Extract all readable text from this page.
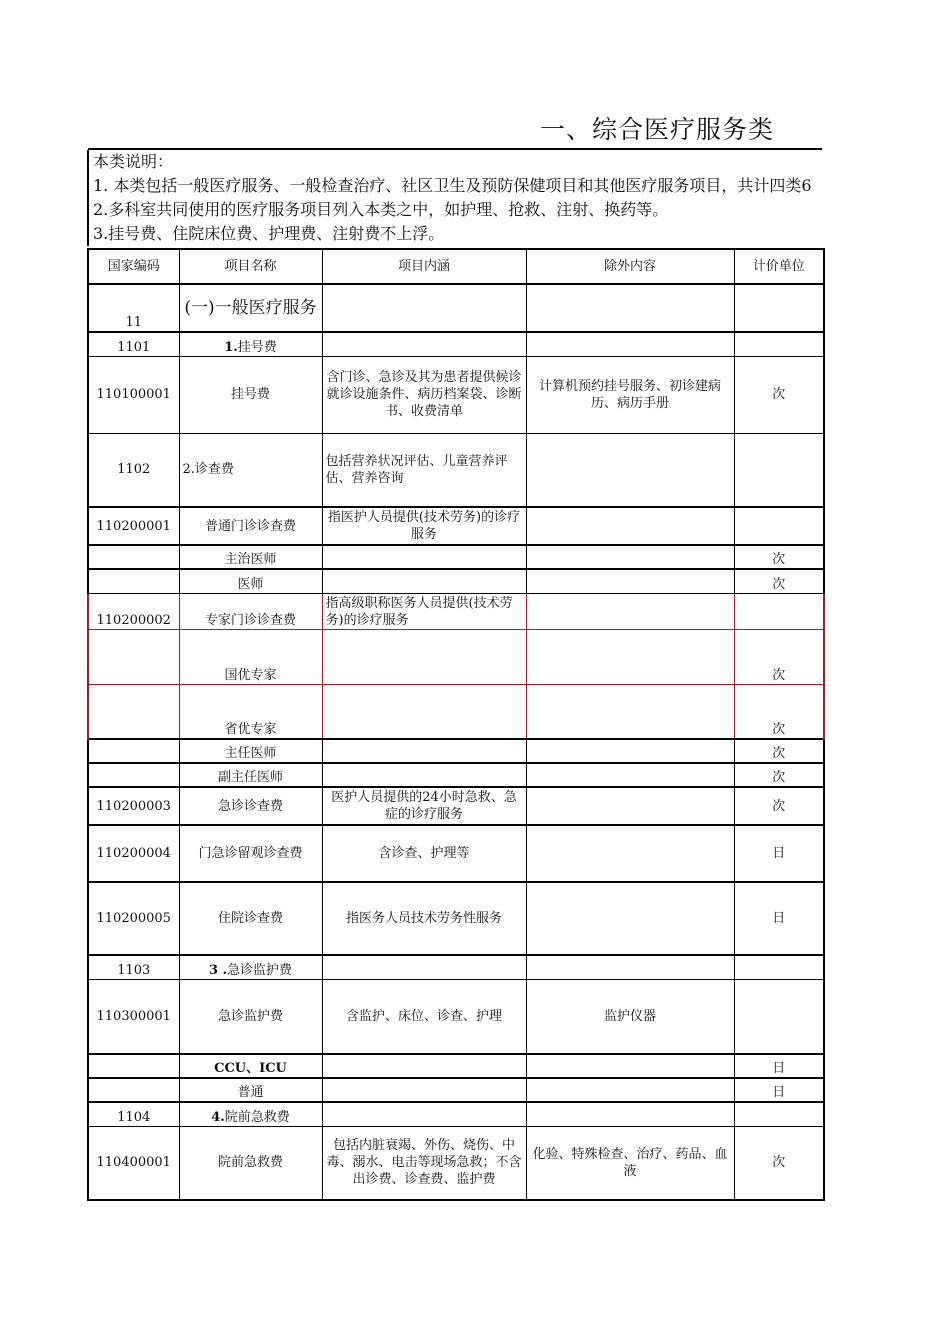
一、综合医疗服务类
本类说明：
1. 本类包括一般医疗服务、一般检查治疗、社区卫生及预防保健项目和其他医疗服务项目，共计四类6
2.多科室共同使用的医疗服务项目列入本类之中，如护理、抢救、注射、换药等。
3.挂号费、住院床位费、护理费、注射费不上浮。
国家编码	项目名称	项目内涵	除外内容	计价单位
11	(一)一般医疗服务			
1101	1.挂号费			
110100001	挂号费	含门诊、急诊及其为患者提供候诊就诊设施条件、病历档案袋、诊断书、收费清单	计算机预约挂号服务、初诊建病历、病历手册	次
1102	2.诊查费	包括营养状况评估、儿童营养评估、营养咨询		
110200001	普通门诊诊查费	指医护人员提供(技术劳务)的诊疗服务		
	主治医师			次
	医师			次
110200002	专家门诊诊查费	指高级职称医务人员提供(技术劳务)的诊疗服务		
	国优专家			次
	省优专家			次
	主任医师			次
	副主任医师			次
110200003	急诊诊查费	医护人员提供的24小时急救、急症的诊疗服务		次
110200004	门急诊留观诊查费	含诊查、护理等		日
110200005	住院诊查费	指医务人员技术劳务性服务		日
1103	3 .急诊监护费			
110300001	急诊监护费	含监护、床位、诊查、护理	监护仪器	
	CCU、ICU			日
	普通			日
1104	4.院前急救费			
110400001	院前急救费	包括内脏衰竭、外伤、烧伤、中毒、溺水、电击等现场急救；不含出诊费、诊查费、监护费	化验、特殊检查、治疗、药品、血液	次
